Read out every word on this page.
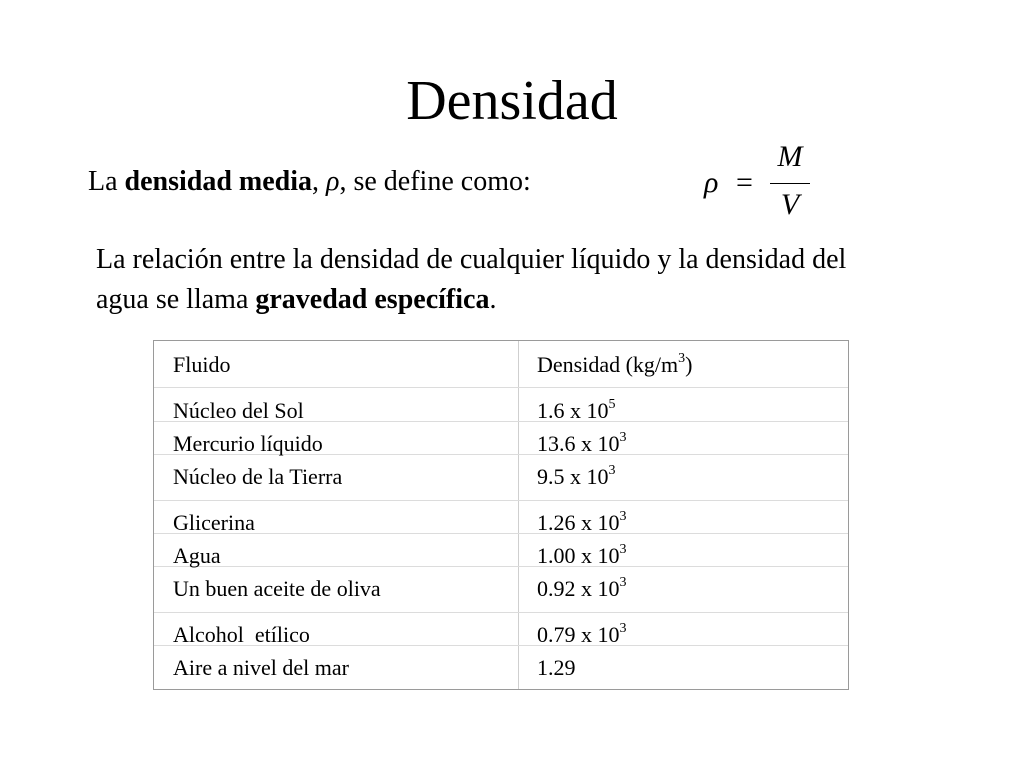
Densidad
La densidad media, ρ, se define como:	ρ =
M
V
La relación entre la densidad de cualquier líquido y la densidad del agua se llama gravedad específica.
Fluido	Densidad $(kg/m^3)$
Núcleo del Sol	1.6 x $10^5$
Mercurio líquido	13.6 x $10^3$
Núcleo de la Tierra	9.5 x $10^3$
Glicerina	1.26 x $10^3$
Agua	1.00 x $10^3$
Un buen aceite de oliva	0.92 x $10^3$
Alcohol  etílico	0.79 x $10^3$
Aire a nivel del mar	1.29
